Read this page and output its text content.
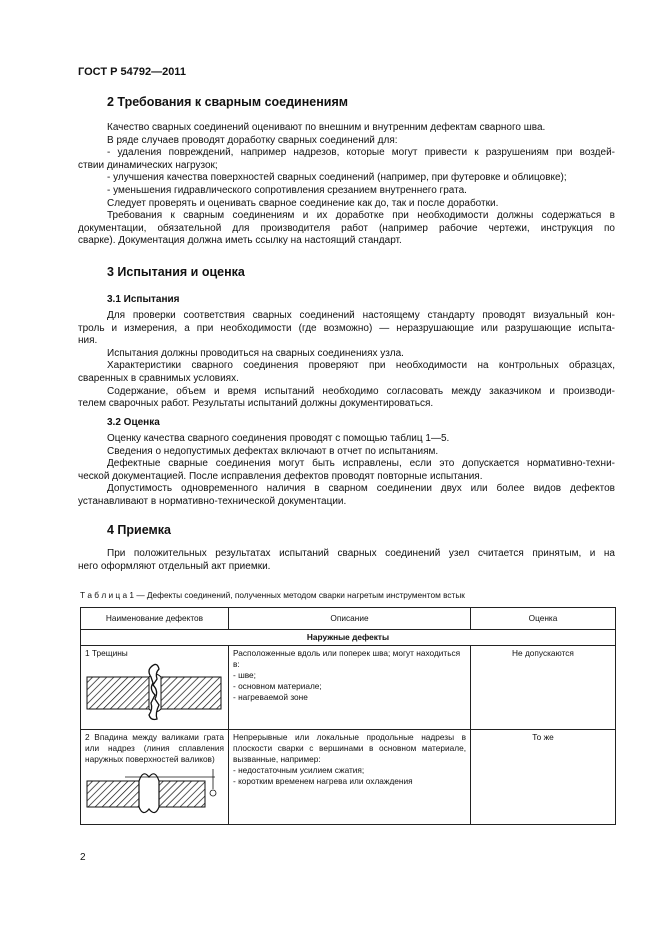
ГОСТ Р 54792—2011
2 Требования к сварным соединениям
Качество сварных соединений оценивают по внешним и внутренним дефектам сварного шва.
В ряде случаев проводят доработку сварных соединений для:
- удаления повреждений, например надрезов, которые могут привести к разрушениям при воздей-
ствии динамических нагрузок;
- улучшения качества поверхностей сварных соединений (например, при футеровке и облицовке);
- уменьшения гидравлического сопротивления срезанием внутреннего грата.
Следует проверять и оценивать сварное соединение как до, так и после доработки.
Требования к сварным соединениям и их доработке при необходимости должны содержаться в
документации, обязательной для производителя работ (например рабочие чертежи, инструкция по
сварке). Документация должна иметь ссылку на настоящий стандарт.
3 Испытания и оценка
3.1 Испытания
Для проверки соответствия сварных соединений настоящему стандарту проводят визуальный кон-
троль и измерения, а при необходимости (где возможно) — неразрушающие или разрушающие испыта-
ния.
Испытания должны проводиться на сварных соединениях узла.
Характеристики сварного соединения проверяют при необходимости на контрольных образцах,
сваренных в сравнимых условиях.
Содержание, объем и время испытаний необходимо согласовать между заказчиком и производи-
телем сварочных работ. Результаты испытаний должны документироваться.
3.2 Оценка
Оценку качества сварного соединения проводят с помощью таблиц 1—5.
Сведения о недопустимых дефектах включают в отчет по испытаниям.
Дефектные сварные соединения могут быть исправлены, если это допускается нормативно-техни-
ческой документацией. После исправления дефектов проводят повторные испытания.
Допустимость одновременного наличия в сварном соединении двух или более видов дефектов
устанавливают в нормативно-технической документации.
4 Приемка
При положительных результатах испытаний сварных соединений узел считается принятым, и на
него оформляют отдельный акт приемки.
Т а б л и ц а 1 — Дефекты соединений, полученных методом сварки нагретым инструментом встык
Наименование дефектов	Описание	Оценка
Наружные дефекты		

1 Трещины	Расположенные вдоль или поперек шва; могут находиться в:
- шве;
- основном материале;
- нагреваемой зоне	Не допускаются

2 Впадина между валиками грата или надрез (линия сплавления наружных поверхностей валиков)	Непрерывные или локальные продольные надрезы в плоскости сварки с вершинами в основном материале, вызванные, например:
- недостаточным усилием сжатия;
- коротким временем нагрева или охлаждения	То же
2
